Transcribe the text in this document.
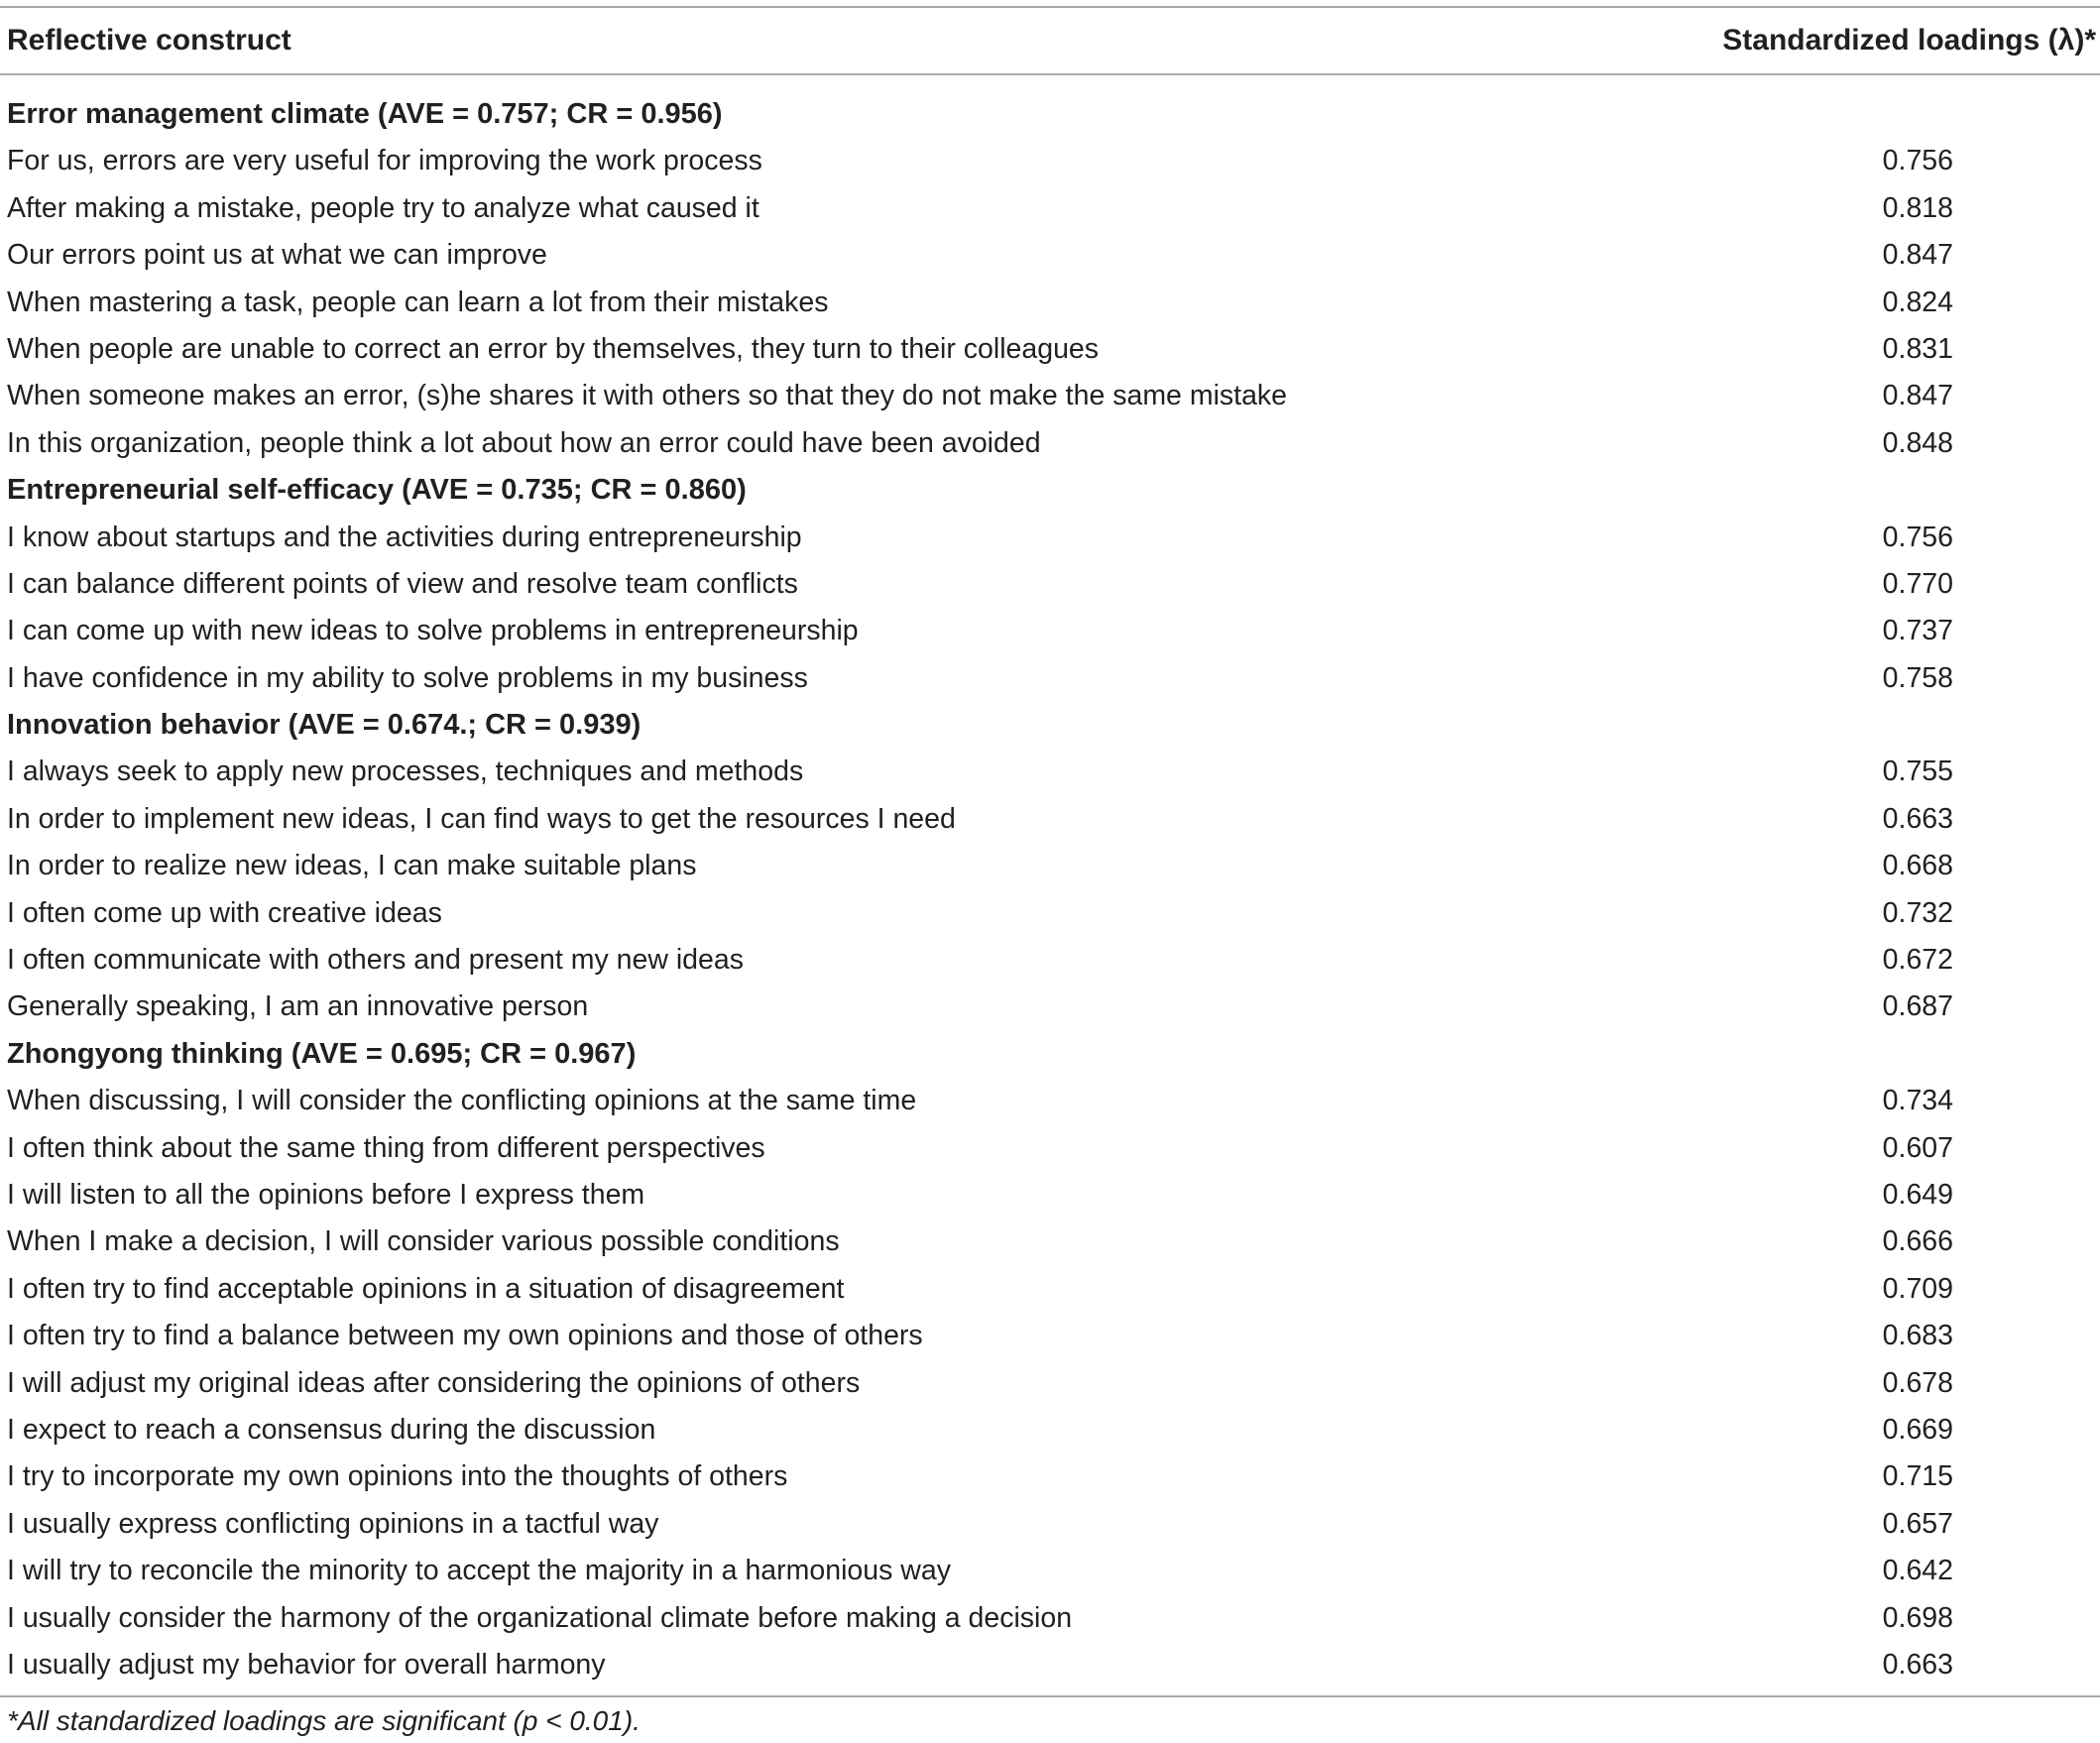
Reflective construct	Standardized loadings (λ)*
Error management climate (AVE = 0.757; CR = 0.956)
For us, errors are very useful for improving the work process	0.756
After making a mistake, people try to analyze what caused it	0.818
Our errors point us at what we can improve	0.847
When mastering a task, people can learn a lot from their mistakes	0.824
When people are unable to correct an error by themselves, they turn to their colleagues	0.831
When someone makes an error, (s)he shares it with others so that they do not make the same mistake	0.847
In this organization, people think a lot about how an error could have been avoided	0.848
Entrepreneurial self-efficacy (AVE = 0.735; CR = 0.860)
I know about startups and the activities during entrepreneurship	0.756
I can balance different points of view and resolve team conflicts	0.770
I can come up with new ideas to solve problems in entrepreneurship	0.737
I have confidence in my ability to solve problems in my business	0.758
Innovation behavior (AVE = 0.674.; CR = 0.939)
I always seek to apply new processes, techniques and methods	0.755
In order to implement new ideas, I can find ways to get the resources I need	0.663
In order to realize new ideas, I can make suitable plans	0.668
I often come up with creative ideas	0.732
I often communicate with others and present my new ideas	0.672
Generally speaking, I am an innovative person	0.687
Zhongyong thinking (AVE = 0.695; CR = 0.967)
When discussing, I will consider the conflicting opinions at the same time	0.734
I often think about the same thing from different perspectives	0.607
I will listen to all the opinions before I express them	0.649
When I make a decision, I will consider various possible conditions	0.666
I often try to find acceptable opinions in a situation of disagreement	0.709
I often try to find a balance between my own opinions and those of others	0.683
I will adjust my original ideas after considering the opinions of others	0.678
I expect to reach a consensus during the discussion	0.669
I try to incorporate my own opinions into the thoughts of others	0.715
I usually express conflicting opinions in a tactful way	0.657
I will try to reconcile the minority to accept the majority in a harmonious way	0.642
I usually consider the harmony of the organizational climate before making a decision	0.698
I usually adjust my behavior for overall harmony	0.663
*All standardized loadings are significant (p < 0.01).
